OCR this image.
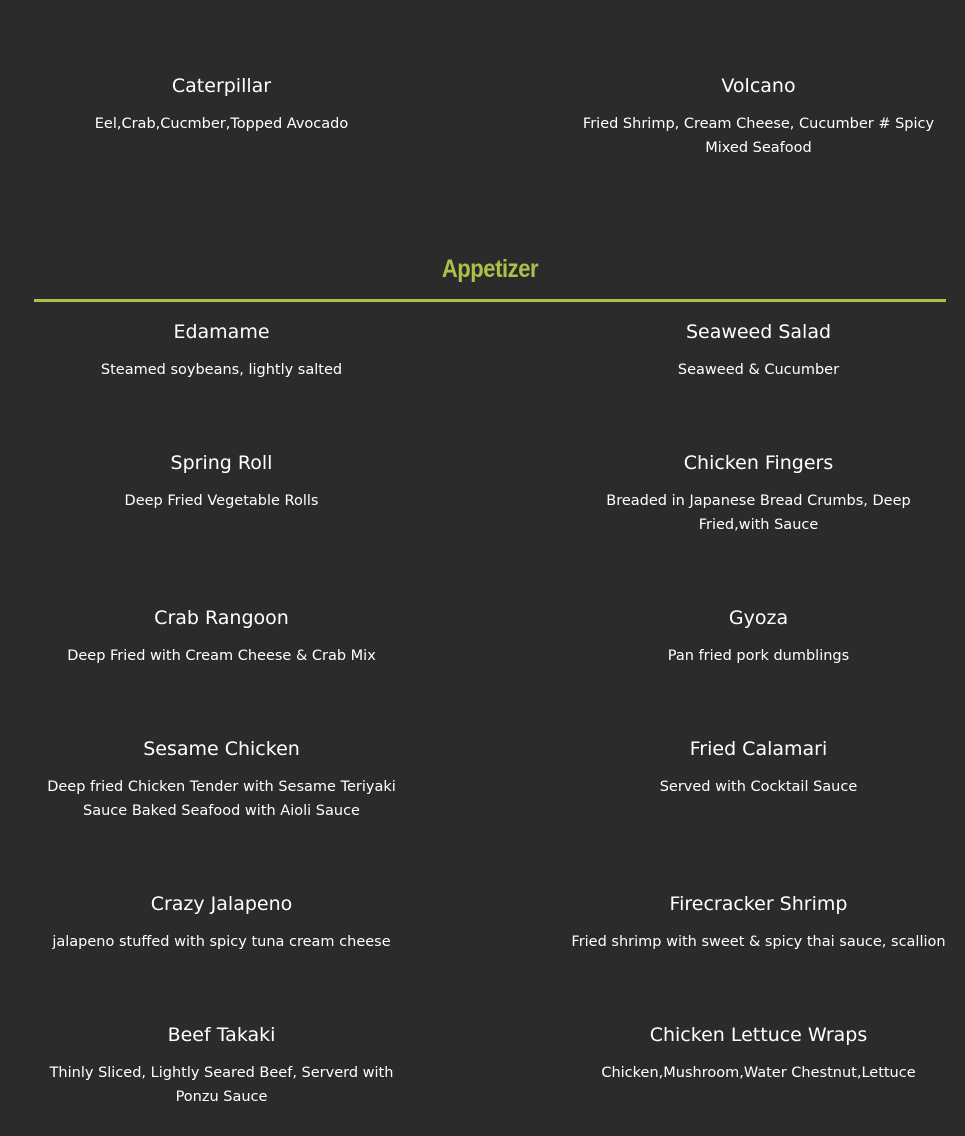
Caterpillar
Eel,Crab,Cucmber,Topped Avocado
Volcano
Fried Shrimp, Cream Cheese, Cucumber # Spicy Mixed Seafood
Appetizer
Edamame
Steamed soybeans, lightly salted
Seaweed Salad
Seaweed & Cucumber
Spring Roll
Deep Fried Vegetable Rolls
Chicken Fingers
Breaded in Japanese Bread Crumbs, Deep Fried,with Sauce
Crab Rangoon
Deep Fried with Cream Cheese & Crab Mix
Gyoza
Pan fried pork dumblings
Sesame Chicken
Deep fried Chicken Tender with Sesame Teriyaki Sauce Baked Seafood with Aioli Sauce
Fried Calamari
Served with Cocktail Sauce
Crazy Jalapeno
jalapeno stuffed with spicy tuna cream cheese
Firecracker Shrimp
Fried shrimp with sweet & spicy thai sauce, scallion
Beef Takaki
Thinly Sliced, Lightly Seared Beef, Serverd with Ponzu Sauce
Chicken Lettuce Wraps
Chicken,Mushroom,Water Chestnut,Lettuce
